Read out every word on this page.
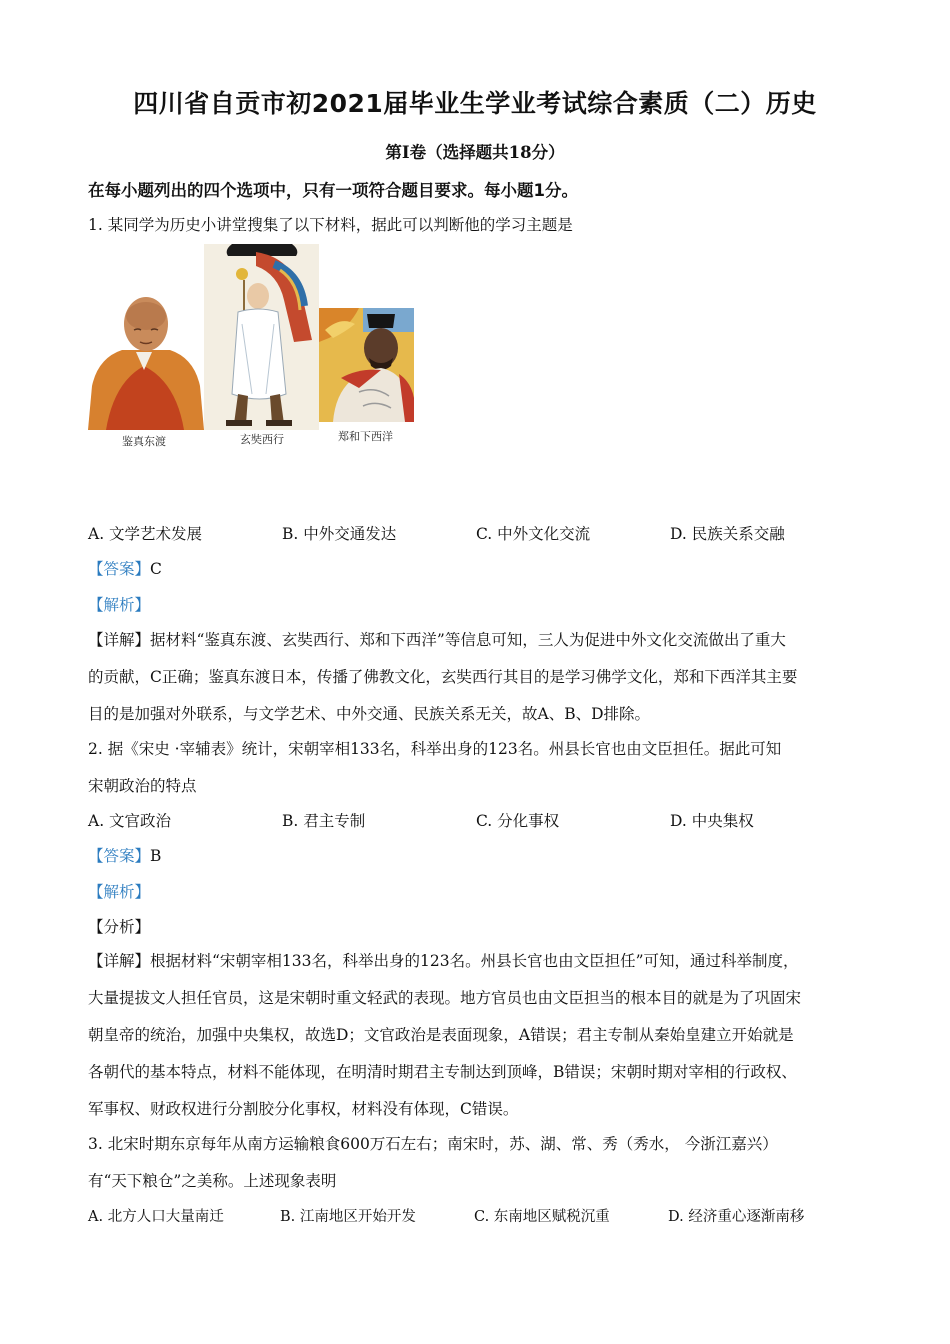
四川省自贡市初2021届毕业生学业考试综合素质（二）历史
第Ⅰ卷（选择题共18分）
在每小题列出的四个选项中，只有一项符合题目要求。每小题1分。
1. 某同学为历史小讲堂搜集了以下材料，据此可以判断他的学习主题是
鉴真东渡	玄奘西行	郑和下西洋
A. 文学艺术发展	B. 中外交通发达	C. 中外文化交流	D. 民族关系交融
【答案】C
【解析】
【详解】据材料“鉴真东渡、玄奘西行、郑和下西洋”等信息可知，三人为促进中外文化交流做出了重大
的贡献，C正确；鉴真东渡日本，传播了佛教文化，玄奘西行其目的是学习佛学文化，郑和下西洋其主要
目的是加强对外联系，与文学艺术、中外交通、民族关系无关，故A、B、D排除。
2. 据《宋史 ·宰辅表》统计，宋朝宰相133名，科举出身的123名。州县长官也由文臣担任。据此可知
宋朝政治的特点
A. 文官政治	B. 君主专制	C. 分化事权	D. 中央集权
【答案】B
【解析】
【分析】
【详解】根据材料“宋朝宰相133名，科举出身的123名。州县长官也由文臣担任”可知，通过科举制度，
大量提拔文人担任官员，这是宋朝时重文轻武的表现。地方官员也由文臣担当的根本目的就是为了巩固宋
朝皇帝的统治，加强中央集权，故选D；文官政治是表面现象，A错误；君主专制从秦始皇建立开始就是
各朝代的基本特点，材料不能体现，在明清时期君主专制达到顶峰，B错误；宋朝时期对宰相的行政权、
军事权、财政权进行分割胶分化事权，材料没有体现，C错误。
3. 北宋时期东京每年从南方运输粮食600万石左右；南宋时，苏、湖、常、秀（秀水， 今浙江嘉兴）
有“天下粮仓”之美称。上述现象表明
A. 北方人口大量南迁	B. 江南地区开始开发	C. 东南地区赋税沉重	D. 经济重心逐渐南移
